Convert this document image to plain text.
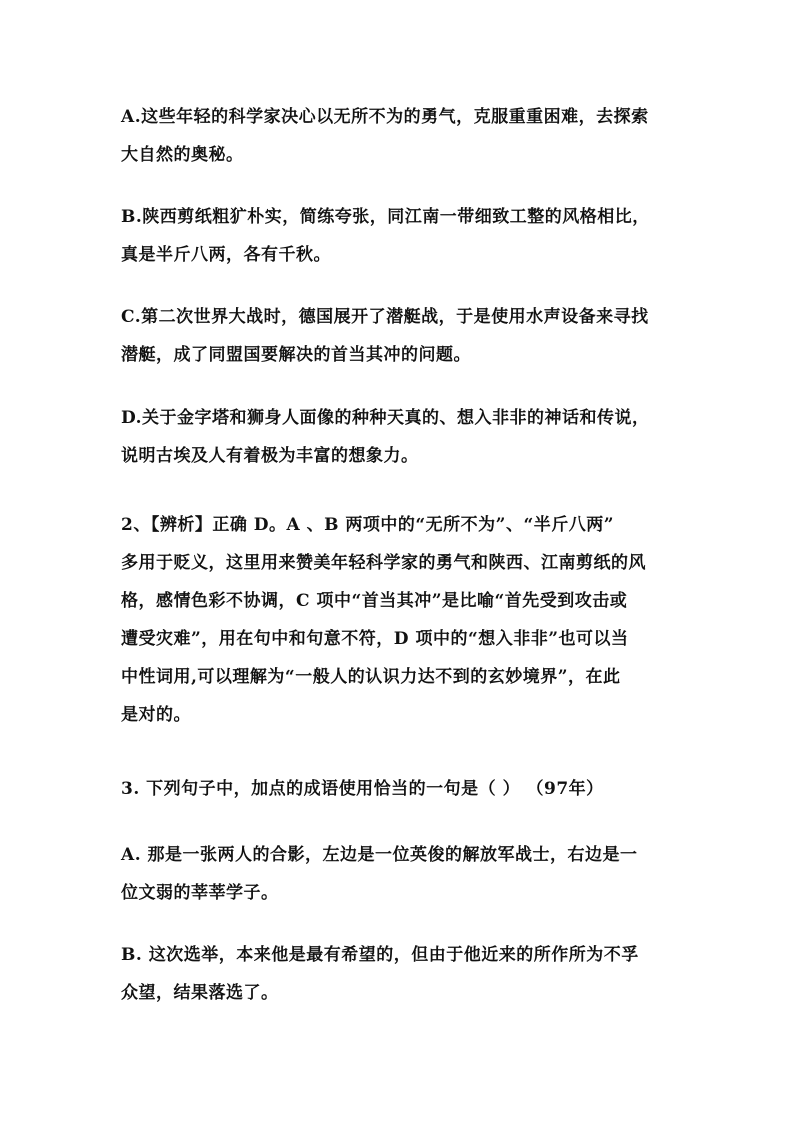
A.这些年轻的科学家决心以无所不为的勇气，克服重重困难，去探索
大自然的奥秘。

B.陕西剪纸粗犷朴实，简练夸张，同江南一带细致工整的风格相比，
真是半斤八两，各有千秋。

C.第二次世界大战时，德国展开了潜艇战，于是使用水声设备来寻找
潜艇，成了同盟国要解决的首当其冲的问题。

D.关于金字塔和狮身人面像的种种天真的、想入非非的神话和传说，
说明古埃及人有着极为丰富的想象力。

2、【辨析】正确 D。A 、B 两项中的“无所不为”、“半斤八两”
多用于贬义，这里用来赞美年轻科学家的勇气和陕西、江南剪纸的风
格，感情色彩不协调，C 项中“首当其冲”是比喻“首先受到攻击或
遭受灾难”，用在句中和句意不符，D 项中的“想入非非”也可以当
中性词用,可以理解为“一般人的认识力达不到的玄妙境界”，在此
是对的。

3. 下列句子中，加点的成语使用恰当的一句是（ ） （97年）

A. 那是一张两人的合影，左边是一位英俊的解放军战士，右边是一
位文弱的莘莘学子。

B. 这次选举，本来他是最有希望的，但由于他近来的所作所为不孚
众望，结果落选了。
